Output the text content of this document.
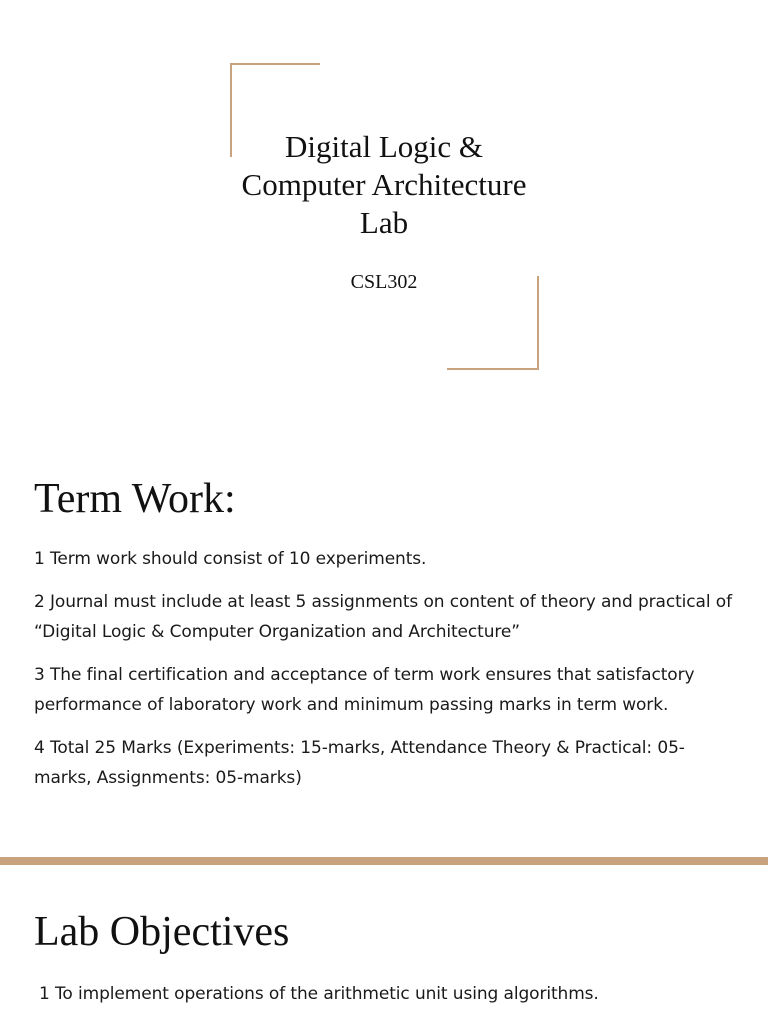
Digital Logic & Computer Architecture Lab
CSL302
Term Work:
1 Term work should consist of 10 experiments.
2 Journal must include at least 5 assignments on content of theory and practical of “Digital Logic & Computer Organization and Architecture”
3 The final certification and acceptance of term work ensures that satisfactory performance of laboratory work and minimum passing marks in term work.
4 Total 25 Marks (Experiments: 15-marks, Attendance Theory & Practical: 05-marks, Assignments: 05-marks)
Lab Objectives
1 To implement operations of the arithmetic unit using algorithms.
